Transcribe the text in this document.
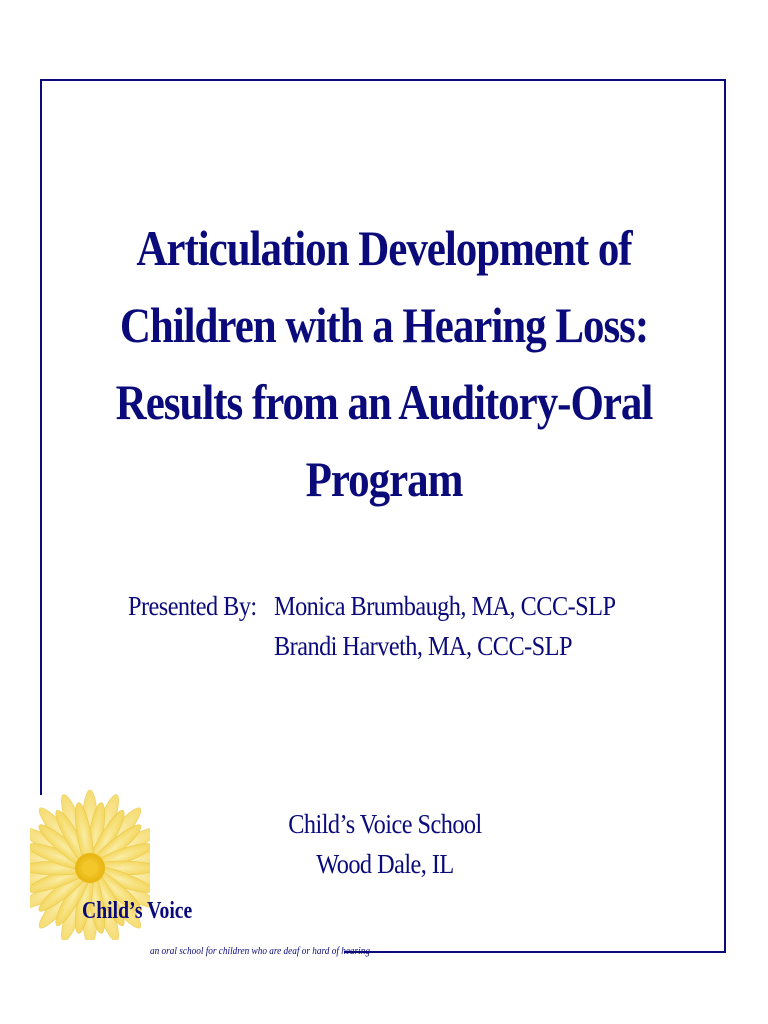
Articulation Development of
Children with a Hearing Loss:
Results from an Auditory-Oral
Program
Presented By: Monica Brumbaugh, MA, CCC-SLP
Brandi Harveth, MA, CCC-SLP
Child’s Voice School
Wood Dale, IL
Child’s Voice
an oral school for children who are deaf or hard of hearing
